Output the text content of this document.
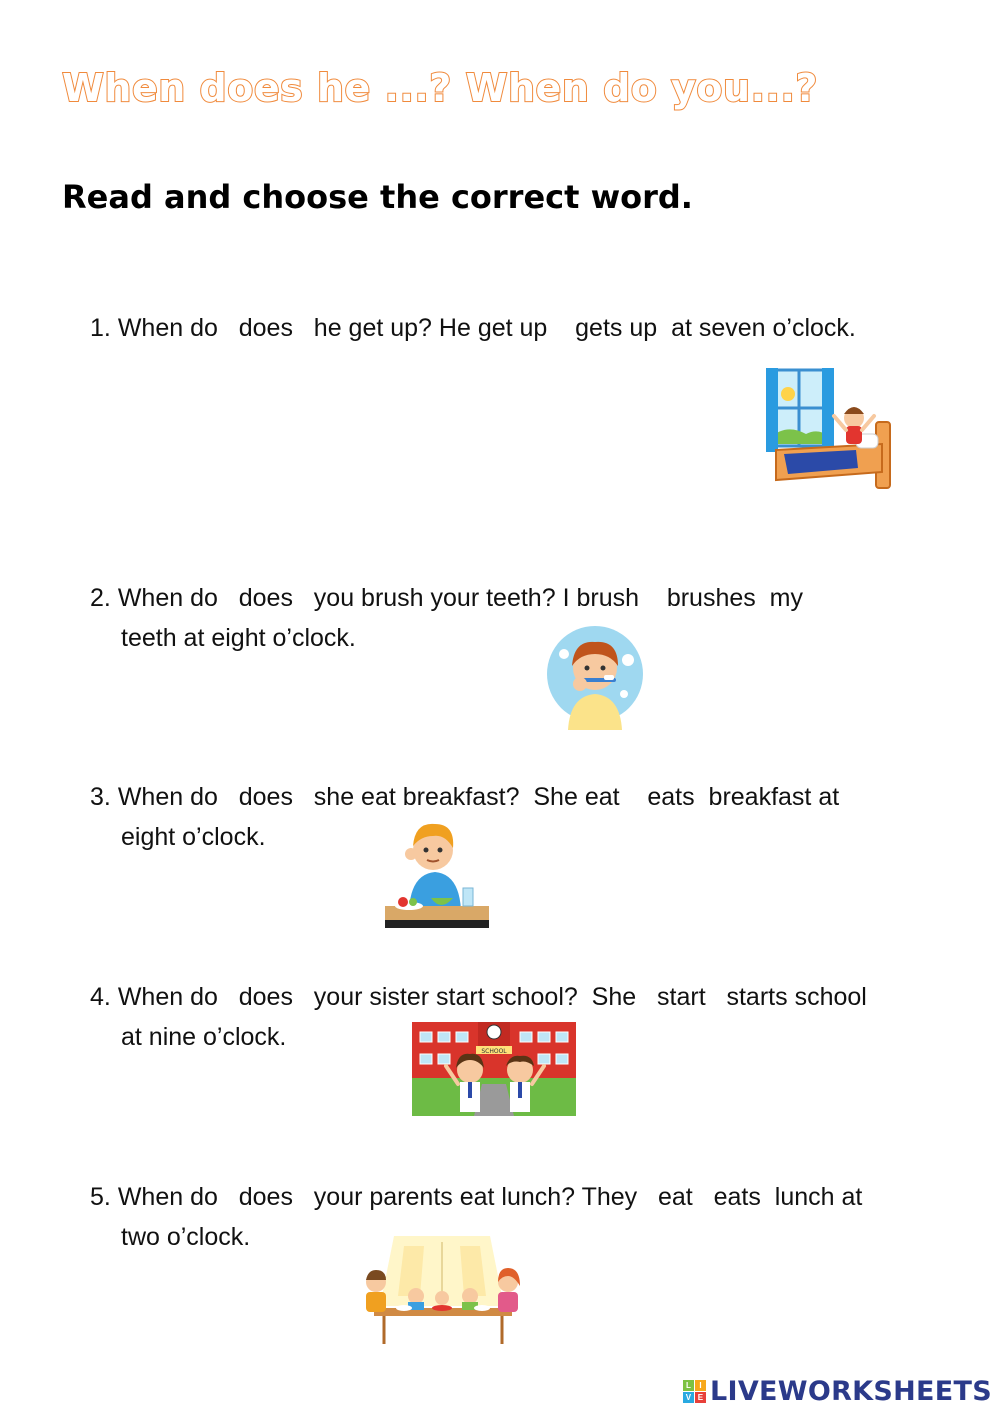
When does he ...? When do you...?
Read and choose the correct word.
1. When do does he get up? He get up gets up at seven o’clock.
2. When do does you brush your teeth? I brush brushes my
teeth at eight o’clock.
3. When do does she eat breakfast?  She eat eats breakfast at
eight o’clock.
4. When do does your sister start school?  She start starts school
at nine o’clock.
5. When do does your parents eat lunch? They eat eats lunch at
two o’clock.
SCHOOL
L	I
V E LIVEWORKSHEETS
